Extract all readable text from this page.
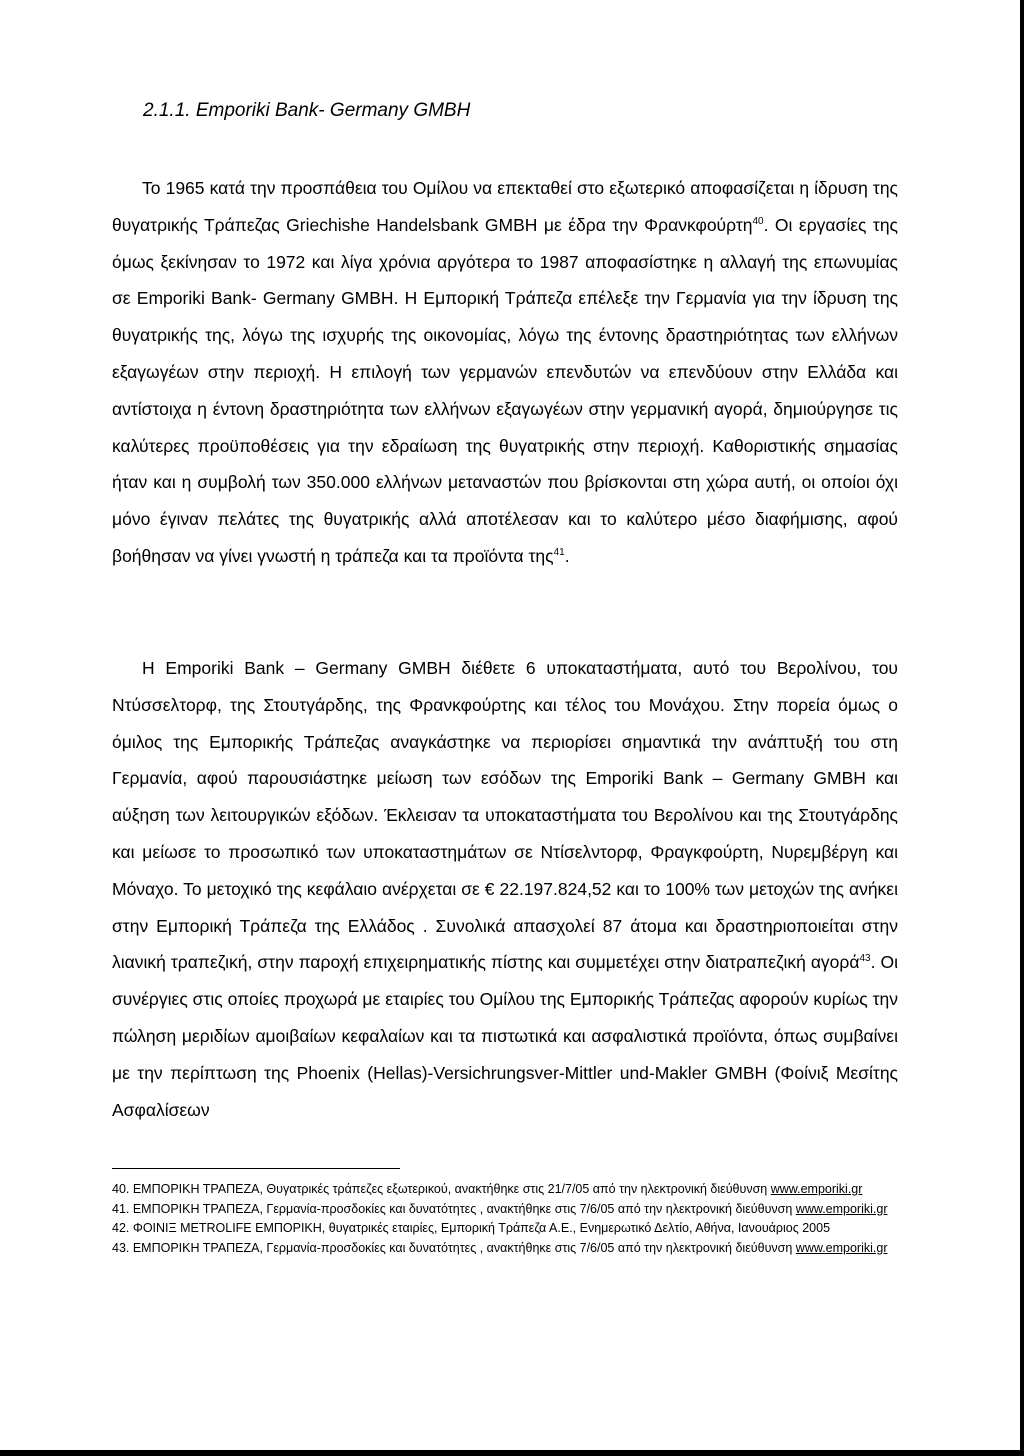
2.1.1. Emporiki Bank- Germany GMBH
Το 1965 κατά την προσπάθεια του Ομίλου να επεκταθεί στο εξωτερικό αποφασίζεται η ίδρυση της θυγατρικής Τράπεζας Griechishe Handelsbank GMBH με έδρα την Φρανκφούρτη$^{40}$. Οι εργασίες της όμως ξεκίνησαν το 1972 και λίγα χρόνια αργότερα το 1987 αποφασίστηκε η αλλαγή της επωνυμίας σε Emporiki Bank- Germany GMBH. Η Εμπορική Τράπεζα επέλεξε την Γερμανία για την ίδρυση της θυγατρικής της, λόγω της ισχυρής της οικονομίας, λόγω της έντονης δραστηριότητας των ελλήνων εξαγωγέων στην περιοχή. Η επιλογή των γερμανών επενδυτών να επενδύουν στην Ελλάδα και αντίστοιχα η έντονη δραστηριότητα των ελλήνων εξαγωγέων στην γερμανική αγορά, δημιούργησε τις καλύτερες προϋποθέσεις για την εδραίωση της θυγατρικής στην περιοχή. Καθοριστικής σημασίας ήταν και η συμβολή των 350.000 ελλήνων μεταναστών που βρίσκονται στη χώρα αυτή, οι οποίοι όχι μόνο έγιναν πελάτες της θυγατρικής αλλά αποτέλεσαν και το καλύτερο μέσο διαφήμισης, αφού βοήθησαν να γίνει γνωστή η τράπεζα και τα προϊόντα της$^{41}$.
Η Emporiki Bank – Germany GMBH διέθετε 6 υποκαταστήματα, αυτό του Βερολίνου, του Ντύσσελτορφ, της Στουτγάρδης, της Φρανκφούρτης και τέλος του Μονάχου. Στην πορεία όμως ο όμιλος της Εμπορικής Τράπεζας αναγκάστηκε να περιορίσει σημαντικά την ανάπτυξή του στη Γερμανία, αφού παρουσιάστηκε μείωση των εσόδων της Emporiki Bank – Germany GMBH και αύξηση των λειτουργικών εξόδων. Έκλεισαν τα υποκαταστήματα του Βερολίνου και της Στουτγάρδης και μείωσε το προσωπικό των υποκαταστημάτων σε Ντίσελντορφ, Φραγκφούρτη, Νυρεμβέργη και Μόναχο. Το μετοχικό της κεφάλαιο ανέρχεται σε € 22.197.824,52 και το 100% των μετοχών της ανήκει στην Εμπορική Τράπεζα της Ελλάδος . Συνολικά απασχολεί 87 άτομα και δραστηριοποιείται στην λιανική τραπεζική, στην παροχή επιχειρηματικής πίστης και συμμετέχει στην διατραπεζική αγορά$^{43}$. Οι συνέργιες στις οποίες προχωρά με εταιρίες του Ομίλου της Εμπορικής Τράπεζας αφορούν κυρίως την πώληση μεριδίων αμοιβαίων κεφαλαίων και τα πιστωτικά και ασφαλιστικά προϊόντα, όπως συμβαίνει με την περίπτωση της Phoenix (Hellas)-Versichrungsver-Mittler und-Makler GMBH (Φοίνιξ Μεσίτης Ασφαλίσεων
40. ΕΜΠΟΡΙΚΗ ΤΡΑΠΕΖΑ, Θυγατρικές τράπεζες εξωτερικού, ανακτήθηκε στις 21/7/05 από την ηλεκτρονική διεύθυνση www.emporiki.gr
41. ΕΜΠΟΡΙΚΗ ΤΡΑΠΕΖΑ, Γερμανία-προσδοκίες και δυνατότητες , ανακτήθηκε στις 7/6/05 από την ηλεκτρονική διεύθυνση www.emporiki.gr
42. ΦΟΙΝΙΞ METROLIFE ΕΜΠΟΡΙΚΗ, θυγατρικές εταιρίες, Εμπορική Τράπεζα Α.Ε., Ενημερωτικό Δελτίο, Αθήνα, Ιανουάριος 2005
43. ΕΜΠΟΡΙΚΗ ΤΡΑΠΕΖΑ, Γερμανία-προσδοκίες και δυνατότητες , ανακτήθηκε στις 7/6/05 από την ηλεκτρονική διεύθυνση www.emporiki.gr
